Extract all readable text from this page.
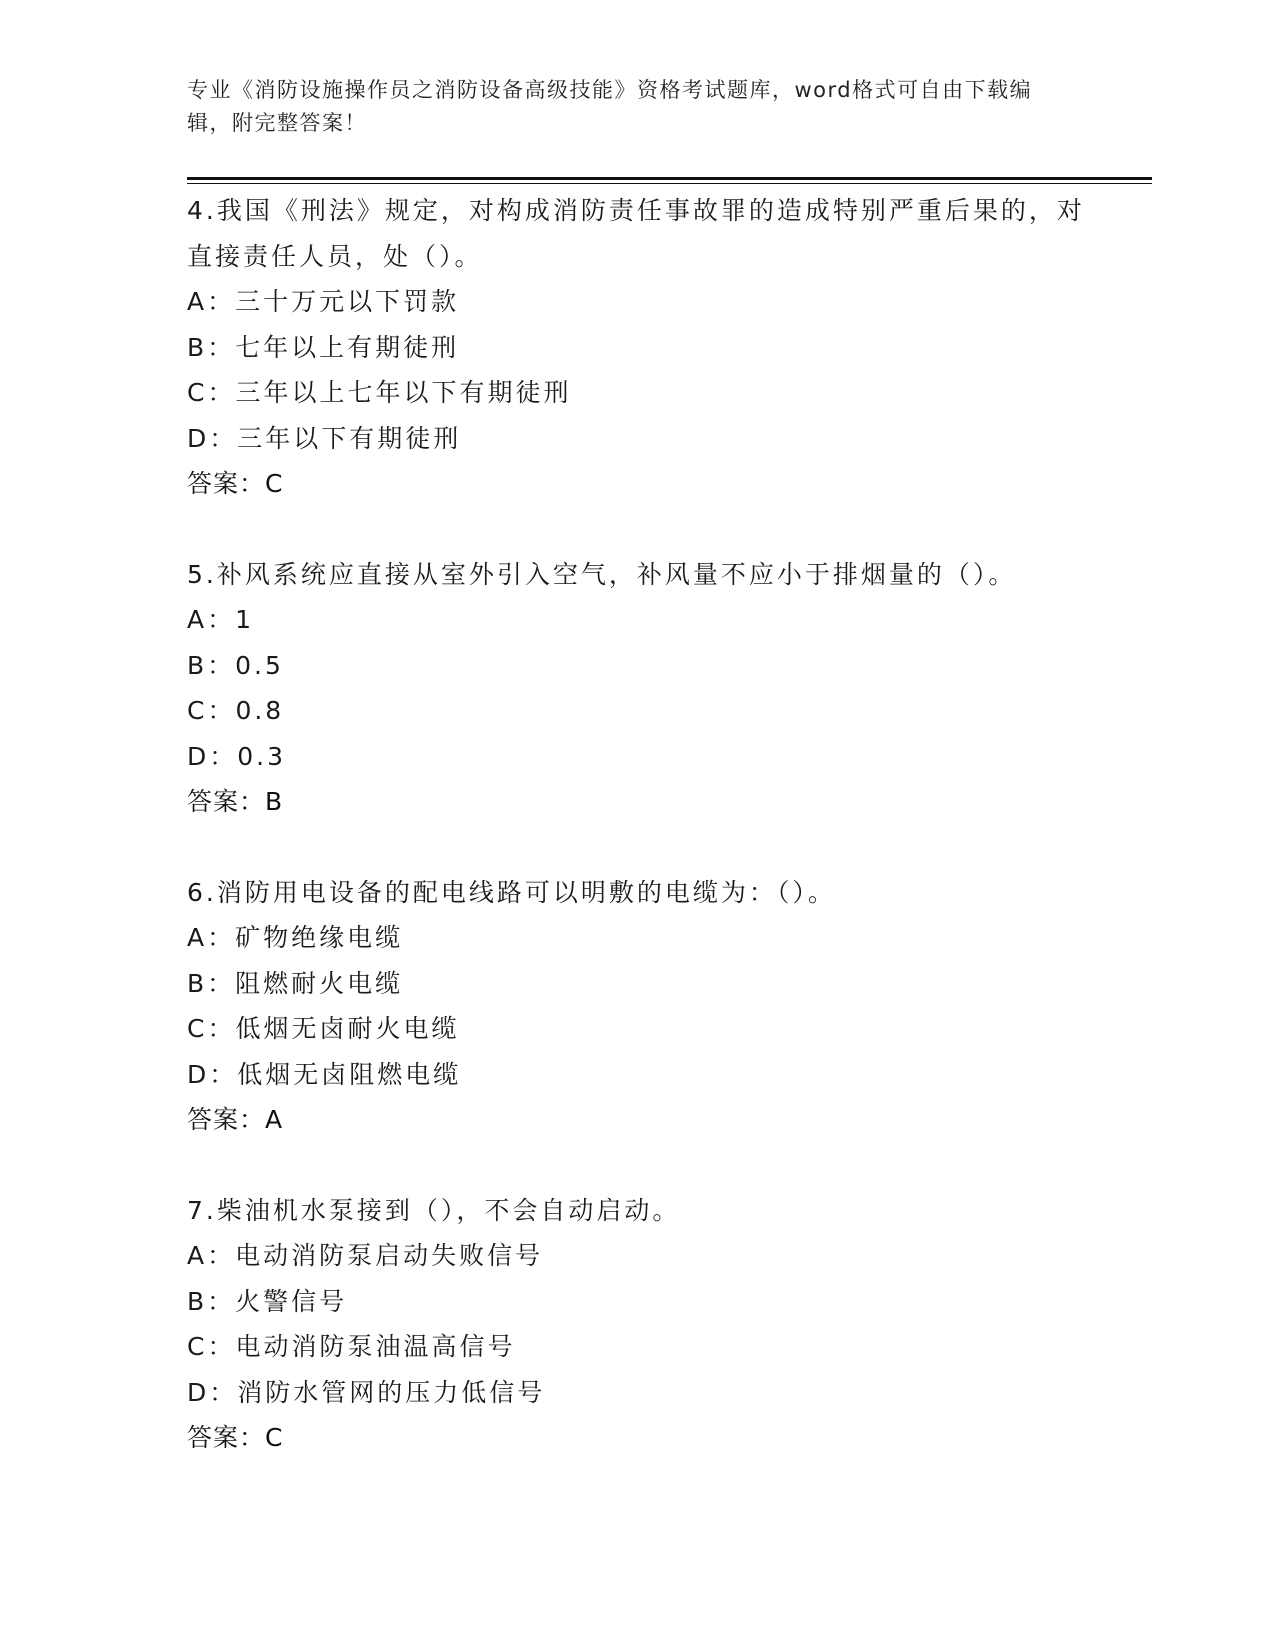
专业《消防设施操作员之消防设备高级技能》资格考试题库，word格式可自由下载编辑，附完整答案！
4.我国《刑法》规定，对构成消防责任事故罪的造成特别严重后果的，对直接责任人员，处（）。
A：三十万元以下罚款
B：七年以上有期徒刑
C：三年以上七年以下有期徒刑
D：三年以下有期徒刑
答案：C
5.补风系统应直接从室外引入空气，补风量不应小于排烟量的（）。
A：1
B：0.5
C：0.8
D：0.3
答案：B
6.消防用电设备的配电线路可以明敷的电缆为：（）。
A：矿物绝缘电缆
B：阻燃耐火电缆
C：低烟无卤耐火电缆
D：低烟无卤阻燃电缆
答案：A
7.柴油机水泵接到（），不会自动启动。
A：电动消防泵启动失败信号
B：火警信号
C：电动消防泵油温高信号
D：消防水管网的压力低信号
答案：C
